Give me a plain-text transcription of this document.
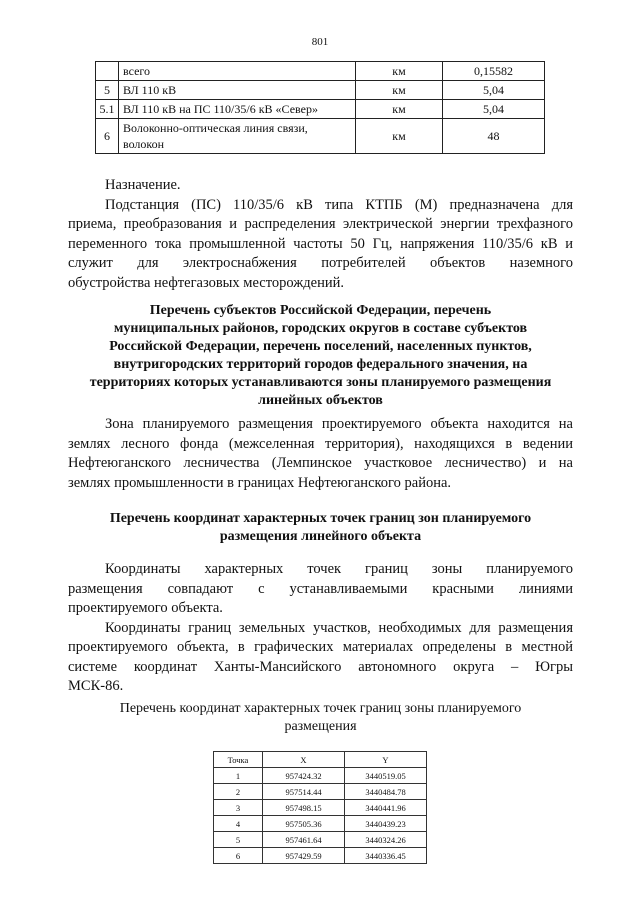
801
	всего	км	0,15582
5	ВЛ 110 кВ	км	5,04
5.1	ВЛ 110 кВ на ПС 110/35/6 кВ «Север»	км	5,04
6	Волоконно-оптическая линия связи,
волокон	км	48
Назначение.
Подстанция (ПС) 110/35/6 кВ типа КТПБ (М) предназначена для
приема, преобразования и распределения электрической энергии трехфазного
переменного тока промышленной частоты 50 Гц, напряжения 110/35/6 кВ и
служит для электроснабжения потребителей объектов наземного
обустройства нефтегазовых месторождений.
Перечень субъектов Российской Федерации, перечень
муниципальных районов, городских округов в составе субъектов
Российской Федерации, перечень поселений, населенных пунктов,
внутригородских территорий городов федерального значения, на
территориях которых устанавливаются зоны планируемого размещения
линейных объектов
Зона планируемого размещения проектируемого объекта находится на
землях лесного фонда (межселенная территория), находящихся в ведении
Нефтеюганского лесничества (Лемпинское участковое лесничество) и на
землях промышленности в границах Нефтеюганского района.
Перечень координат характерных точек границ зон планируемого
размещения линейного объекта
Координаты характерных точек границ зоны планируемого
размещения совпадают с устанавливаемыми красными линиями
проектируемого объекта.
Координаты границ земельных участков, необходимых для размещения
проектируемого объекта, в графических материалах определены в местной
системе координат Ханты-Мансийского автономного округа – Югры
МСК-86.
Перечень координат характерных точек границ зоны планируемого
размещения
Точка	X	Y
1	957424.32	3440519.05
2	957514.44	3440484.78
3	957498.15	3440441.96
4	957505.36	3440439.23
5	957461.64	3440324.26
6	957429.59	3440336.45
